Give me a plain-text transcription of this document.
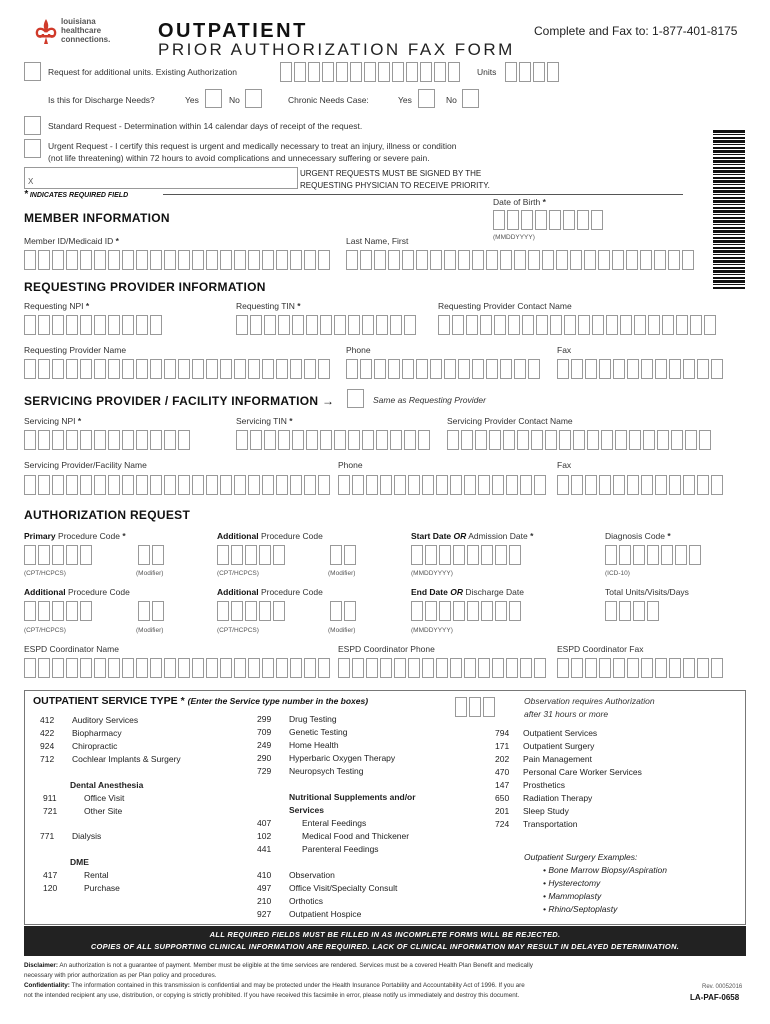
louisiana
healthcare
connections. OUTPATIENT
PRIOR AUTHORIZATION FAX FORM
Complete and Fax to: 1-877-401-8175
Request for additional units. Existing Authorization	Units
Is this for Discharge Needs?	Yes	No	Chronic Needs Case:	Yes	No
Standard Request - Determination within 14 calendar days of receipt of the request.
Urgent Request - I certify this request is urgent and medically necessary to treat an injury, illness or condition
(not life threatening) within 72 hours to avoid complications and unnecessary suffering or severe pain.
X
URGENT REQUESTS MUST BE SIGNED BY THE
REQUESTING PHYSICIAN TO RECEIVE PRIORITY.
* INDICATES REQUIRED FIELD
Date of Birth *
(MMDDYYYY)
MEMBER INFORMATION
Member ID/Medicaid ID *	Last Name, First
REQUESTING PROVIDER INFORMATION
Requesting NPI *	Requesting TIN *	Requesting Provider Contact Name
Requesting Provider Name	Phone	Fax
SERVICING PROVIDER / FACILITY INFORMATION →	Same as Requesting Provider
Servicing NPI *	Servicing TIN *	Servicing Provider Contact Name
Servicing Provider/Facility Name	Phone	Fax
AUTHORIZATION REQUEST
Primary Procedure Code *	Additional Procedure Code	Start Date OR Admission Date *	Diagnosis Code *
(CPT/HCPCS)	(Modifier)	(CPT/HCPCS)	(Modifier)	(MMDDYYYY)	(ICD-10)
Additional Procedure Code	Additional Procedure Code	End Date OR Discharge Date	Total Units/Visits/Days
(CPT/HCPCS)	(Modifier)	(CPT/HCPCS)	(Modifier)	(MMDDYYYY)
ESPD Coordinator Name	ESPD Coordinator Phone	ESPD Coordinator Fax
OUTPATIENT SERVICE TYPE * (Enter the Service type number in the boxes)	Observation requires Authorization
after 31 hours or more
412 Auditory Services
422 Biopharmacy
924 Chiropractic
712 Cochlear Implants & Surgery
Dental Anesthesia
911	Office Visit
721	Other Site
771 Dialysis
DME
417	Rental
120	Purchase
299 Drug Testing
709 Genetic Testing
249 Home Health
290 Hyperbaric Oxygen Therapy
729 Neuropsych Testing
Nutritional Supplements and/or
Services
407	Enteral Feedings
102	Medical Food and Thickener
441	Parenteral Feedings
410 Observation
497 Office Visit/Specialty Consult
210 Orthotics
927 Outpatient Hospice
794 Outpatient Services
171 Outpatient Surgery
202 Pain Management
470 Personal Care Worker Services
147 Prosthetics
650 Radiation Therapy
201 Sleep Study
724 Transportation
Outpatient Surgery Examples:
• Bone Marrow Biopsy/Aspiration
• Hysterectomy
• Mammoplasty
• Rhino/Septoplasty
ALL REQUIRED FIELDS MUST BE FILLED IN AS INCOMPLETE FORMS WILL BE REJECTED.
COPIES OF ALL SUPPORTING CLINICAL INFORMATION ARE REQUIRED. LACK OF CLINICAL INFORMATION MAY RESULT IN DELAYED DETERMINATION.
Disclaimer: An authorization is not a guarantee of payment. Member must be eligible at the time services are rendered. Services must be a covered Health Plan Benefit and medically
necessary with prior authorization as per Plan policy and procedures.
Confidentiality: The information contained in this transmission is confidential and may be protected under the Health Insurance Portability and Accountability Act of 1996. If you are
not the intended recipient any use, distribution, or copying is strictly prohibited. If you have received this facsimile in error, please notify us immediately and destroy this document.
Rev. 00052016
LA-PAF-0658
